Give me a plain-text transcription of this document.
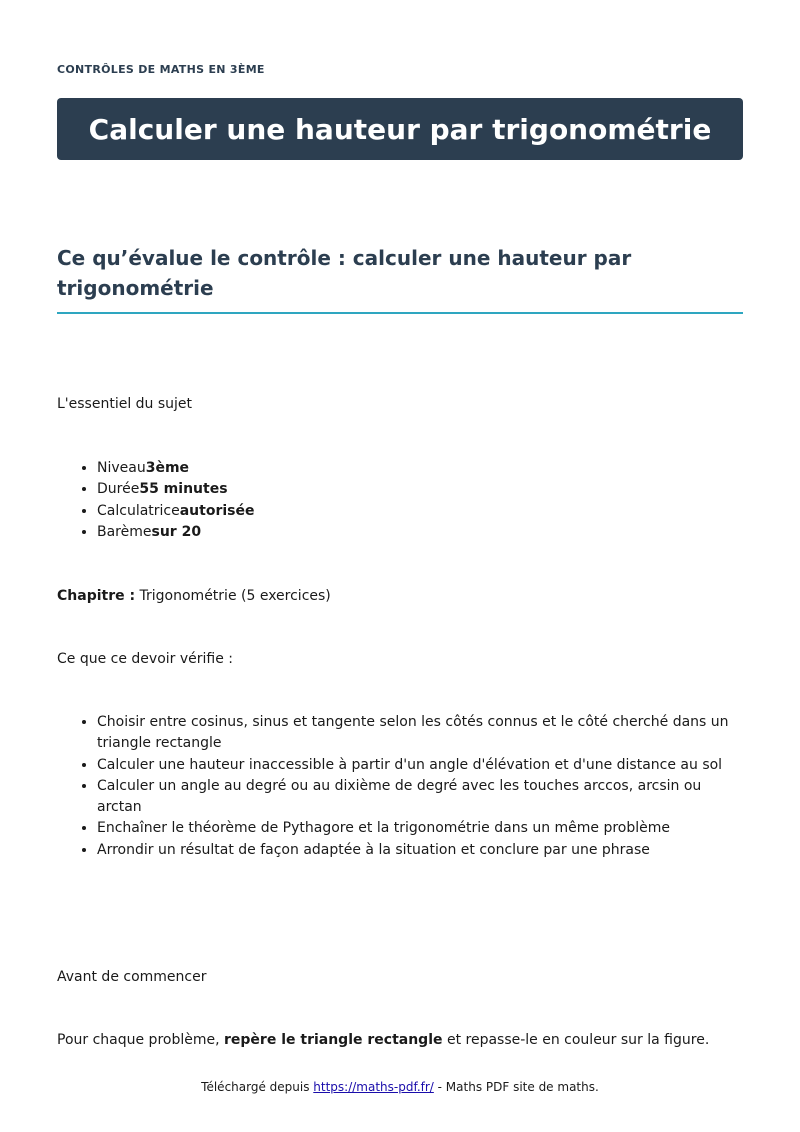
CONTRÔLES DE MATHS EN 3ÈME
Calculer une hauteur par trigonométrie
Ce qu’évalue le contrôle : calculer une hauteur par trigonométrie

L'essentiel du sujet

• Niveau3ème
• Durée55 minutes
• Calculatriceautorisée
• Barèmesur 20

Chapitre : Trigonométrie (5 exercices)

Ce que ce devoir vérifie :

• Choisir entre cosinus, sinus et tangente selon les côtés connus et le côté cherché dans un triangle rectangle
• Calculer une hauteur inaccessible à partir d'un angle d'élévation et d'une distance au sol
• Calculer un angle au degré ou au dixième de degré avec les touches arccos, arcsin ou arctan
• Enchaîner le théorème de Pythagore et la trigonométrie dans un même problème
• Arrondir un résultat de façon adaptée à la situation et conclure par une phrase

Avant de commencer

Pour chaque problème, repère le triangle rectangle et repasse-le en couleur sur la figure.

Téléchargé depuis https://maths-pdf.fr/ - Maths PDF site de maths.
